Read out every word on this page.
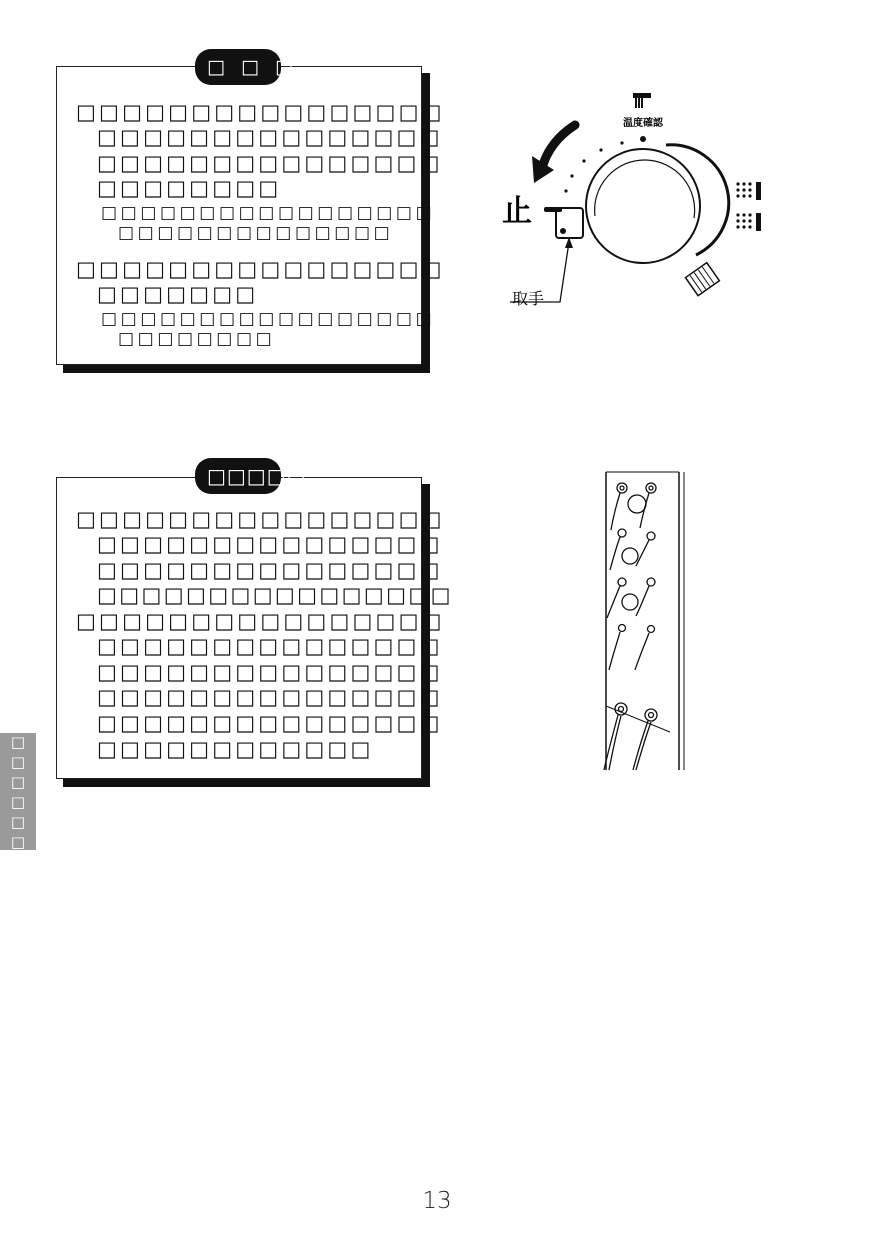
□ □ □
□□□□□□□□□□□□□□□□
□□□□□□□□□□□□□□□
□□□□□□□□□□□□□□□
□□□□□□□□
□□□□□□□□□□□□□□□□□
□□□□□□□□□□□□□□
□□□□□□□□□□□□□□□□
□□□□□□□
□□□□□□□□□□□□□□□□□
□□□□□□□□
温度確認
止
取手
□□□□□
□□□□□□□□□□□□□□□□
□□□□□□□□□□□□□□□
□□□□□□□□□□□□□□□
□□□□□□□□□□□□□□□□
□□□□□□□□□□□□□□□□
□□□□□□□□□□□□□□□
□□□□□□□□□□□□□□□
□□□□□□□□□□□□□□□
□□□□□□□□□□□□□□□
□□□□□□□□□□□□
□□□□□□
13
